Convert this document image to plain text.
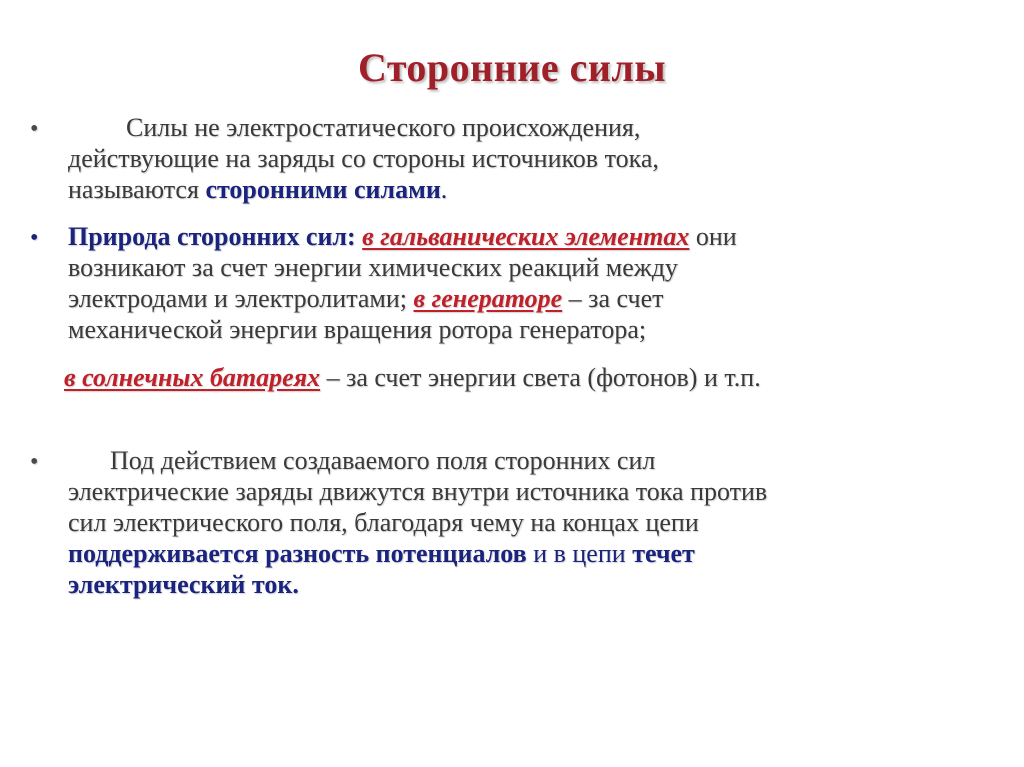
Сторонние силы
•	Силы не электростатического происхождения,
действующие на заряды со стороны источников тока,
называются сторонними силами.
• Природа сторонних сил: в гальванических элементах они
возникают за счет энергии химических реакций между
электродами и электролитами; в генераторе – за счет
механической энергии вращения ротора генератора;
в солнечных батареях – за счет энергии света (фотонов) и т.п.
•	Под действием создаваемого поля сторонних сил
электрические заряды движутся внутри источника тока против
сил электрического поля, благодаря чему на концах цепи
поддерживается разность потенциалов и в цепи течет
электрический ток.
